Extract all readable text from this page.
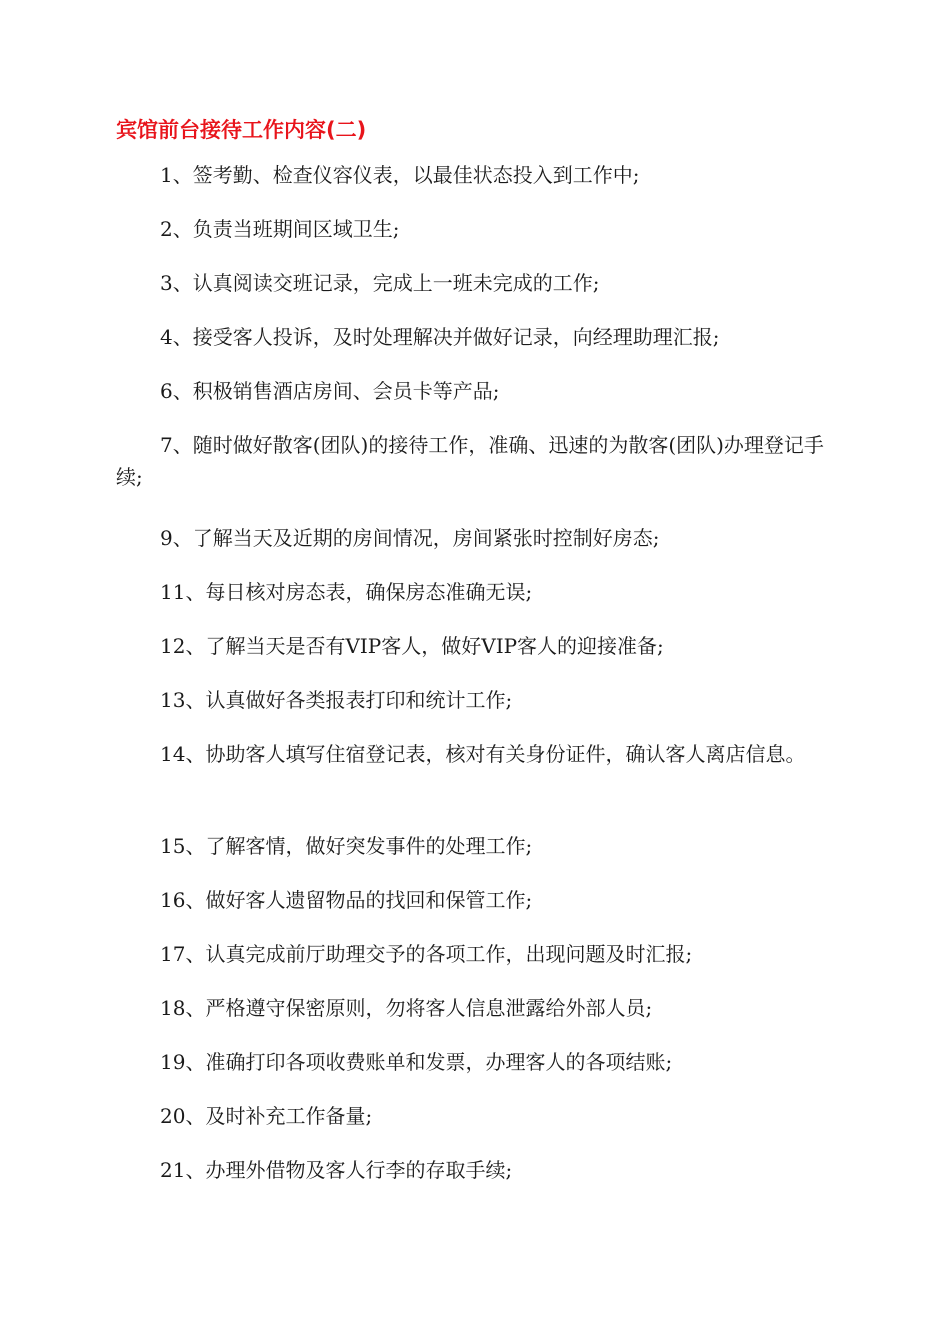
宾馆前台接待工作内容(二)
1、签考勤、检查仪容仪表，以最佳状态投入到工作中;
2、负责当班期间区域卫生;
3、认真阅读交班记录，完成上一班未完成的工作;
4、接受客人投诉，及时处理解决并做好记录，向经理助理汇报;
6、积极销售酒店房间、会员卡等产品;
7、随时做好散客(团队)的接待工作，准确、迅速的为散客(团队)办理登记手续;
9、了解当天及近期的房间情况，房间紧张时控制好房态;
11、每日核对房态表，确保房态准确无误;
12、了解当天是否有VIP客人，做好VIP客人的迎接准备;
13、认真做好各类报表打印和统计工作;
14、协助客人填写住宿登记表，核对有关身份证件，确认客人离店信息。
15、了解客情，做好突发事件的处理工作;
16、做好客人遗留物品的找回和保管工作;
17、认真完成前厅助理交予的各项工作，出现问题及时汇报;
18、严格遵守保密原则，勿将客人信息泄露给外部人员;
19、准确打印各项收费账单和发票，办理客人的各项结账;
20、及时补充工作备量;
21、办理外借物及客人行李的存取手续;
